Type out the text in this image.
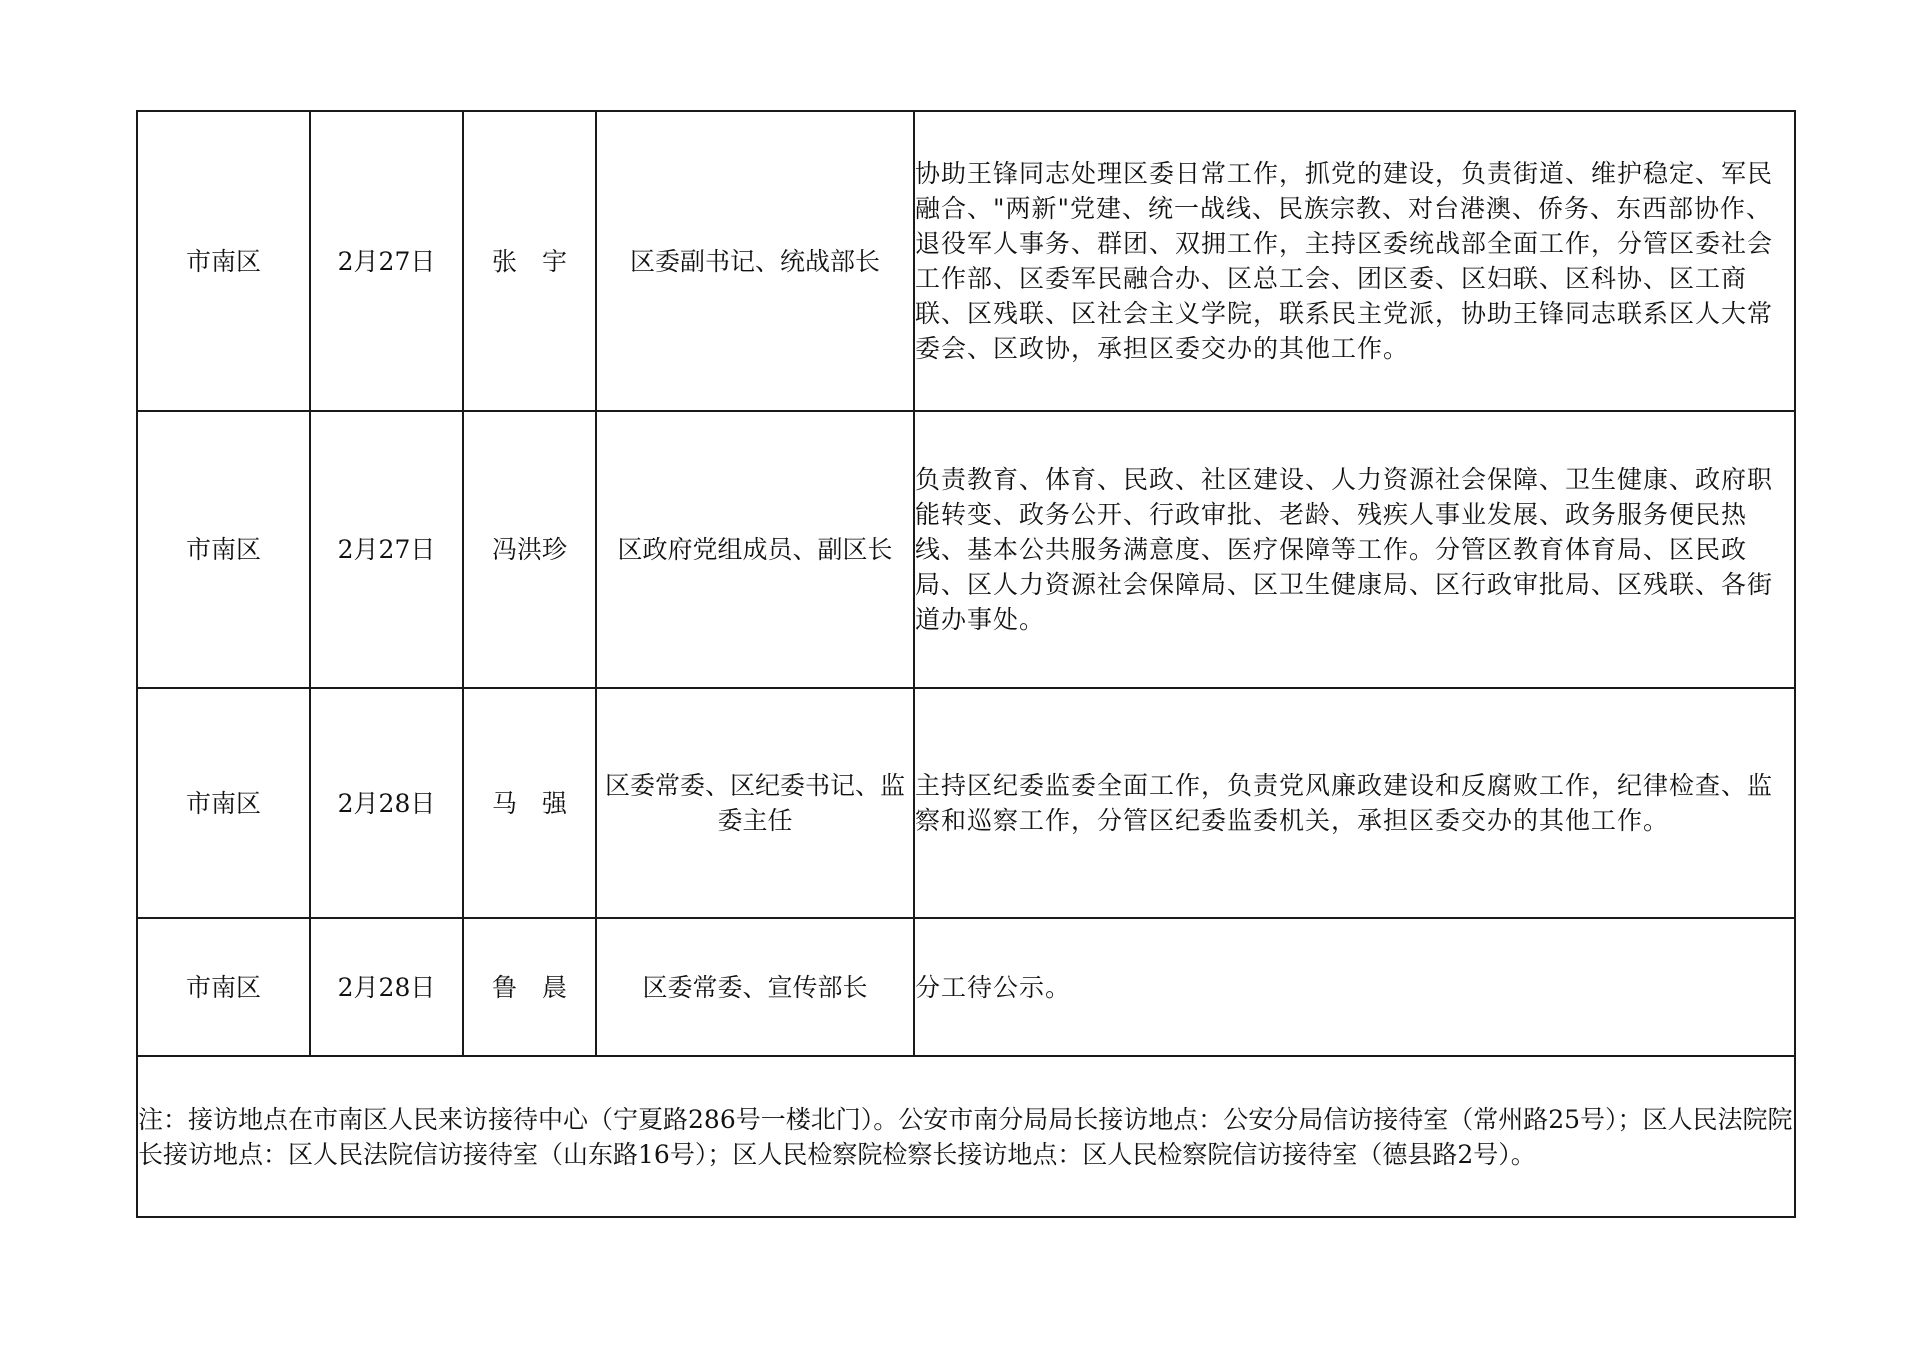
市南区	2月27日	张　宇	区委副书记、统战部长	协助王锋同志处理区委日常工作，抓党的建设，负责街道、维护稳定、军民融合、"两新"党建、统一战线、民族宗教、对台港澳、侨务、东西部协作、退役军人事务、群团、双拥工作，主持区委统战部全面工作，分管区委社会工作部、区委军民融合办、区总工会、团区委、区妇联、区科协、区工商联、区残联、区社会主义学院，联系民主党派，协助王锋同志联系区人大常委会、区政协，承担区委交办的其他工作。
市南区	2月27日	冯洪珍	区政府党组成员、副区长	负责教育、体育、民政、社区建设、人力资源社会保障、卫生健康、政府职能转变、政务公开、行政审批、老龄、残疾人事业发展、政务服务便民热线、基本公共服务满意度、医疗保障等工作。分管区教育体育局、区民政局、区人力资源社会保障局、区卫生健康局、区行政审批局、区残联、各街道办事处。
市南区	2月28日	马　强	区委常委、区纪委书记、监委主任	主持区纪委监委全面工作，负责党风廉政建设和反腐败工作，纪律检查、监察和巡察工作，分管区纪委监委机关，承担区委交办的其他工作。
市南区	2月28日	鲁　晨	区委常委、宣传部长	分工待公示。
注：接访地点在市南区人民来访接待中心（宁夏路286号一楼北门）。公安市南分局局长接访地点：公安分局信访接待室（常州路25号）；区人民法院院长接访地点：区人民法院信访接待室（山东路16号）；区人民检察院检察长接访地点：区人民检察院信访接待室（德县路2号）。				
